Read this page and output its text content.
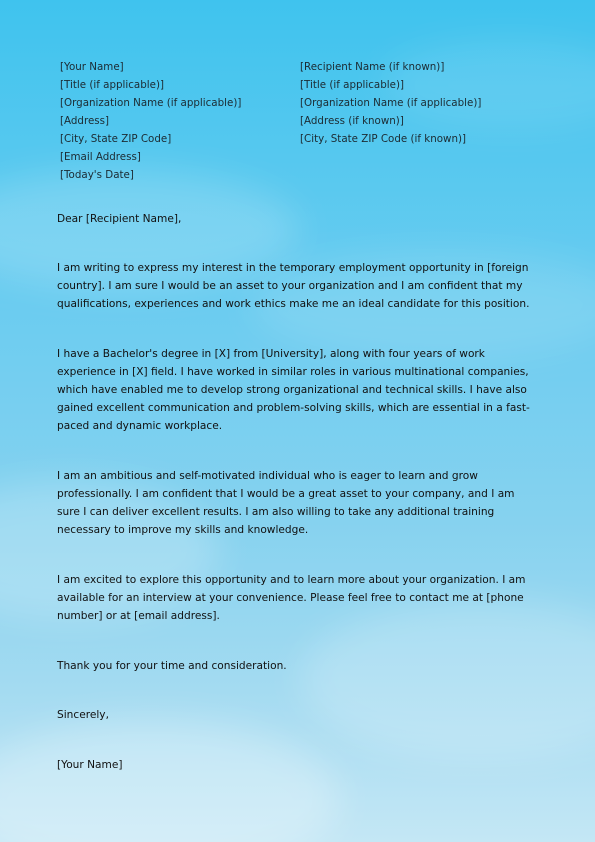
[Your Name]
[Title (if applicable)]
[Organization Name (if applicable)]
[Address]
[City, State ZIP Code]
[Email Address]
[Today's Date]
[Recipient Name (if known)]
[Title (if applicable)]
[Organization Name (if applicable)]
[Address (if known)]
[City, State ZIP Code (if known)]

Dear [Recipient Name],

I am writing to express my interest in the temporary employment opportunity in [foreign country]. I am sure I would be an asset to your organization and I am confident that my qualifications, experiences and work ethics make me an ideal candidate for this position.

I have a Bachelor's degree in [X] from [University], along with four years of work experience in [X] field. I have worked in similar roles in various multinational companies, which have enabled me to develop strong organizational and technical skills. I have also gained excellent communication and problem-solving skills, which are essential in a fast-paced and dynamic workplace.

I am an ambitious and self-motivated individual who is eager to learn and grow professionally. I am confident that I would be a great asset to your company, and I am sure I can deliver excellent results. I am also willing to take any additional training necessary to improve my skills and knowledge.

I am excited to explore this opportunity and to learn more about your organization. I am available for an interview at your convenience. Please feel free to contact me at [phone number] or at [email address].

Thank you for your time and consideration.

Sincerely,

[Your Name]
